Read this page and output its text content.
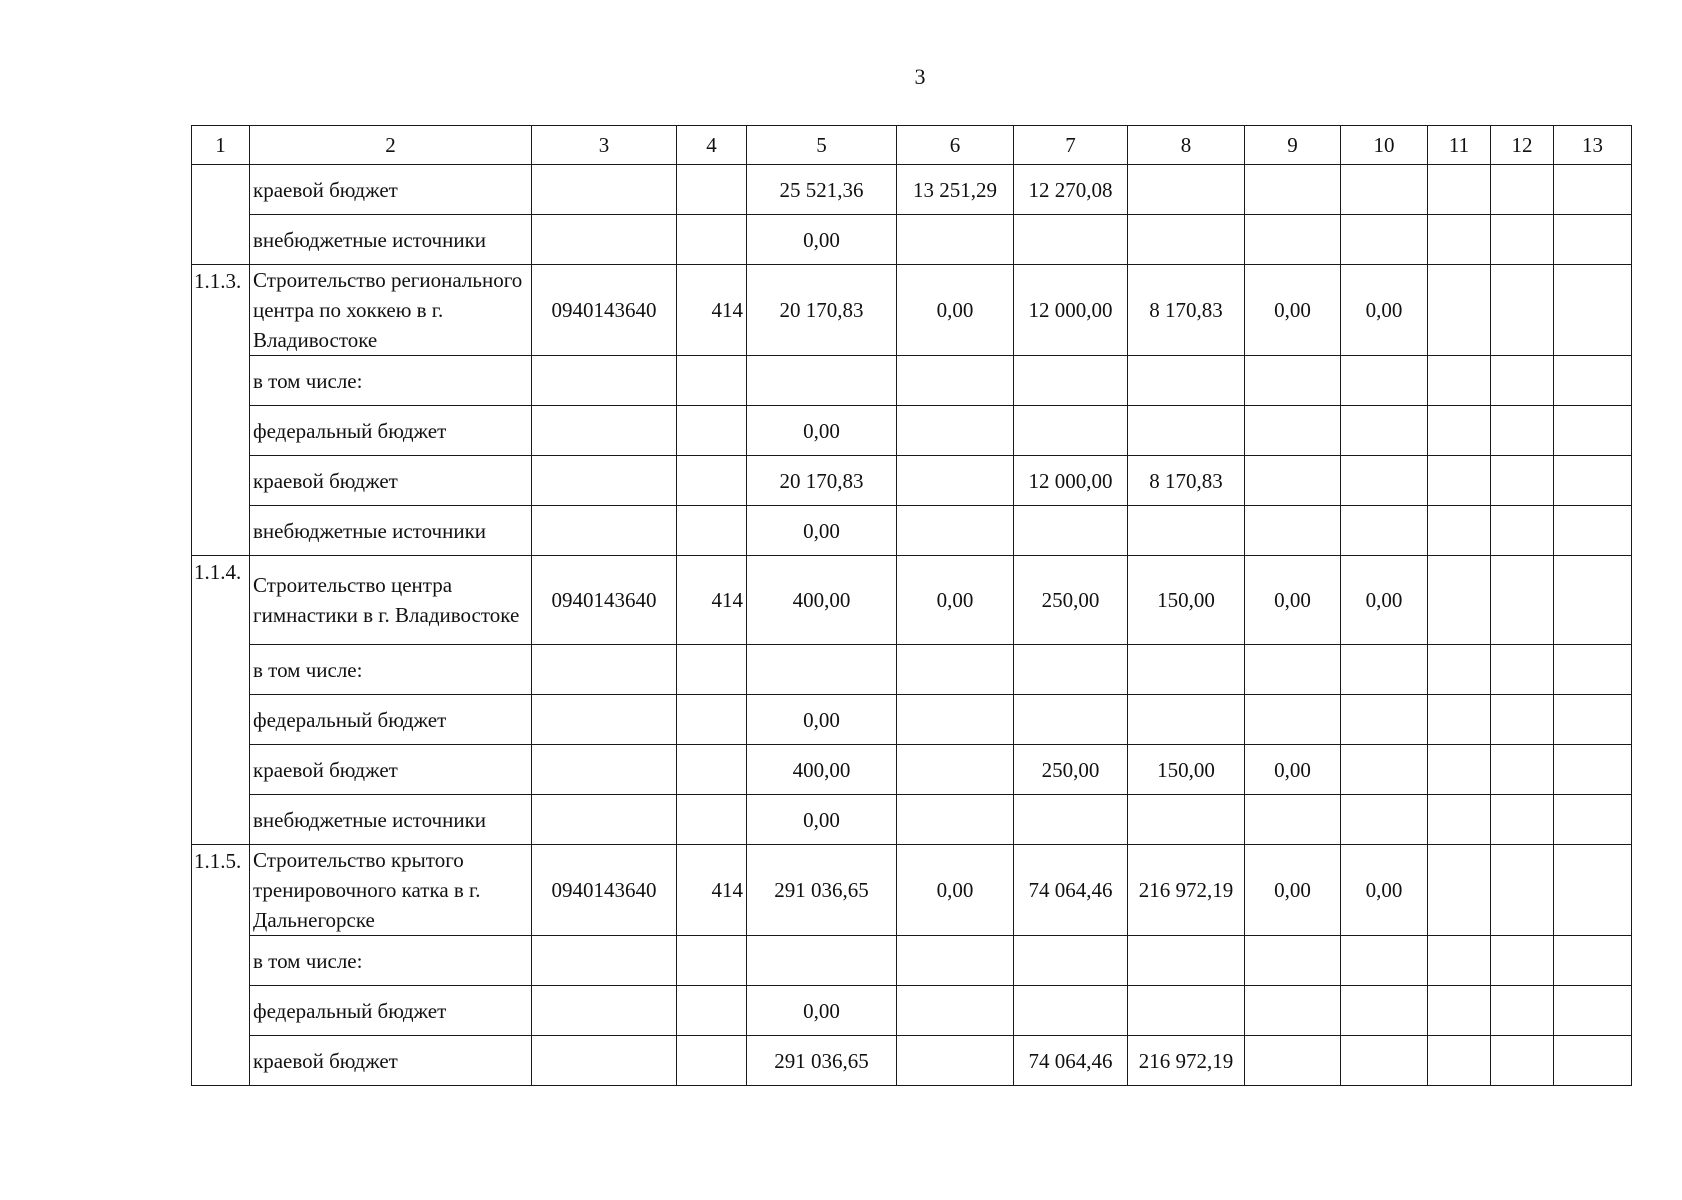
3
1	2	3	4	5	6	7	8	9	10	11	12	13
	краевой бюджет			25 521,36	13 251,29	12 270,08						
	внебюджетные источники			0,00								
1.1.3.	Строительство регионального центра по хоккею в г. Владивостоке	0940143640	414	20 170,83	0,00	12 000,00	8 170,83	0,00	0,00			
	в том числе:											
	федеральный бюджет			0,00								
	краевой бюджет			20 170,83		12 000,00	8 170,83					
	внебюджетные источники			0,00								
1.1.4.	Строительство центра гимнастики в г. Владивостоке	0940143640	414	400,00	0,00	250,00	150,00	0,00	0,00			
	в том числе:											
	федеральный бюджет			0,00								
	краевой бюджет			400,00		250,00	150,00	0,00				
	внебюджетные источники			0,00								
1.1.5.	Строительство крытого тренировочного катка в г. Дальнегорске	0940143640	414	291 036,65	0,00	74 064,46	216 972,19	0,00	0,00			
	в том числе:											
	федеральный бюджет			0,00								
	краевой бюджет			291 036,65		74 064,46	216 972,19					
